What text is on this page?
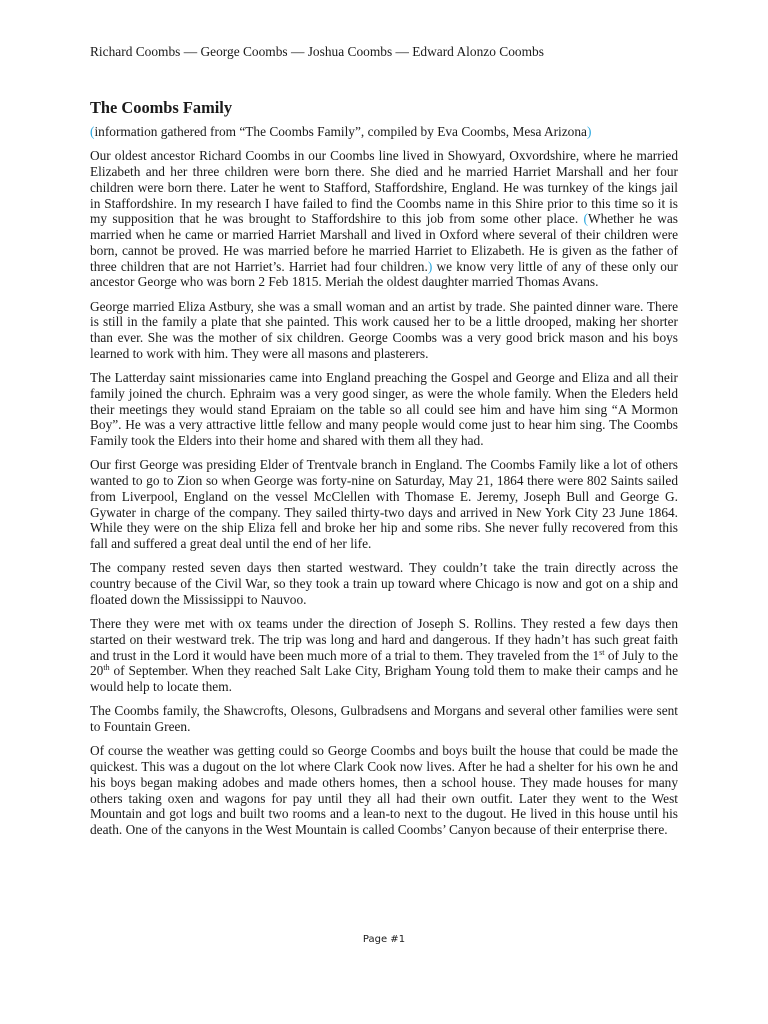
Richard Coombs — George Coombs — Joshua Coombs — Edward Alonzo Coombs
The Coombs Family

(information gathered from “The Coombs Family”, compiled by Eva Coombs, Mesa Arizona)

Our oldest ancestor Richard Coombs in our Coombs line lived in Showyard, Oxvordshire, where he married Elizabeth and her three children were born there. She died and he married Harriet Marshall and her four children were born there. Later he went to Stafford, Staffordshire, England. He was turnkey of the kings jail in Staffordshire. In my research I have failed to find the Coombs name in this Shire prior to this time so it is my supposition that he was brought to Staffordshire to this job from some other place. (Whether he was married when he came or married Harriet Marshall and lived in Oxford where several of their children were born, cannot be proved. He was married before he married Harriet to Elizabeth. He is given as the father of three children that are not Harriet’s. Harriet had four children.) we know very little of any of these only our ancestor George who was born 2 Feb 1815. Meriah the oldest daughter married Thomas Avans.

George married Eliza Astbury, she was a small woman and an artist by trade. She painted dinner ware. There is still in the family a plate that she painted. This work caused her to be a little drooped, making her shorter than ever. She was the mother of six children. George Coombs was a very good brick mason and his boys learned to work with him. They were all masons and plasterers.

The Latterday saint missionaries came into England preaching the Gospel and George and Eliza and all their family joined the church. Ephraim was a very good singer, as were the whole family. When the Eleders held their meetings they would stand Epraiam on the table so all could see him and have him sing “A Mormon Boy”. He was a very attractive little fellow and many people would come just to hear him sing. The Coombs Family took the Elders into their home and shared with them all they had.

Our first George was presiding Elder of Trentvale branch in England. The Coombs Family like a lot of others wanted to go to Zion so when George was forty-nine on Saturday, May 21, 1864 there were 802 Saints sailed from Liverpool, England on the vessel McClellen with Thomase E. Jeremy, Joseph Bull and George G. Gywater in charge of the company. They sailed thirty-two days and arrived in New York City 23 June 1864. While they were on the ship Eliza fell and broke her hip and some ribs. She never fully recovered from this fall and suffered a great deal until the end of her life.

The company rested seven days then started westward. They couldn’t take the train directly across the country because of the Civil War, so they took a train up toward where Chicago is now and got on a ship and floated down the Mississippi to Nauvoo.

There they were met with ox teams under the direction of Joseph S. Rollins. They rested a few days then started on their westward trek. The trip was long and hard and dangerous. If they hadn’t has such great faith and trust in the Lord it would have been much more of a trial to them. They traveled from the 1st of July to the 20th of September. When they reached Salt Lake City, Brigham Young told them to make their camps and he would help to locate them.

The Coombs family, the Shawcrofts, Olesons, Gulbradsens and Morgans and several other families were sent to Fountain Green.

Of course the weather was getting could so George Coombs and boys built the house that could be made the quickest. This was a dugout on the lot where Clark Cook now lives. After he had a shelter for his own he and his boys began making adobes and made others homes, then a school house. They made houses for many others taking oxen and wagons for pay until they all had their own outfit. Later they went to the West Mountain and got logs and built two rooms and a lean-to next to the dugout. He lived in this house until his death. One of the canyons in the West Mountain is called Coombs’ Canyon because of their enterprise there.

Page #1
